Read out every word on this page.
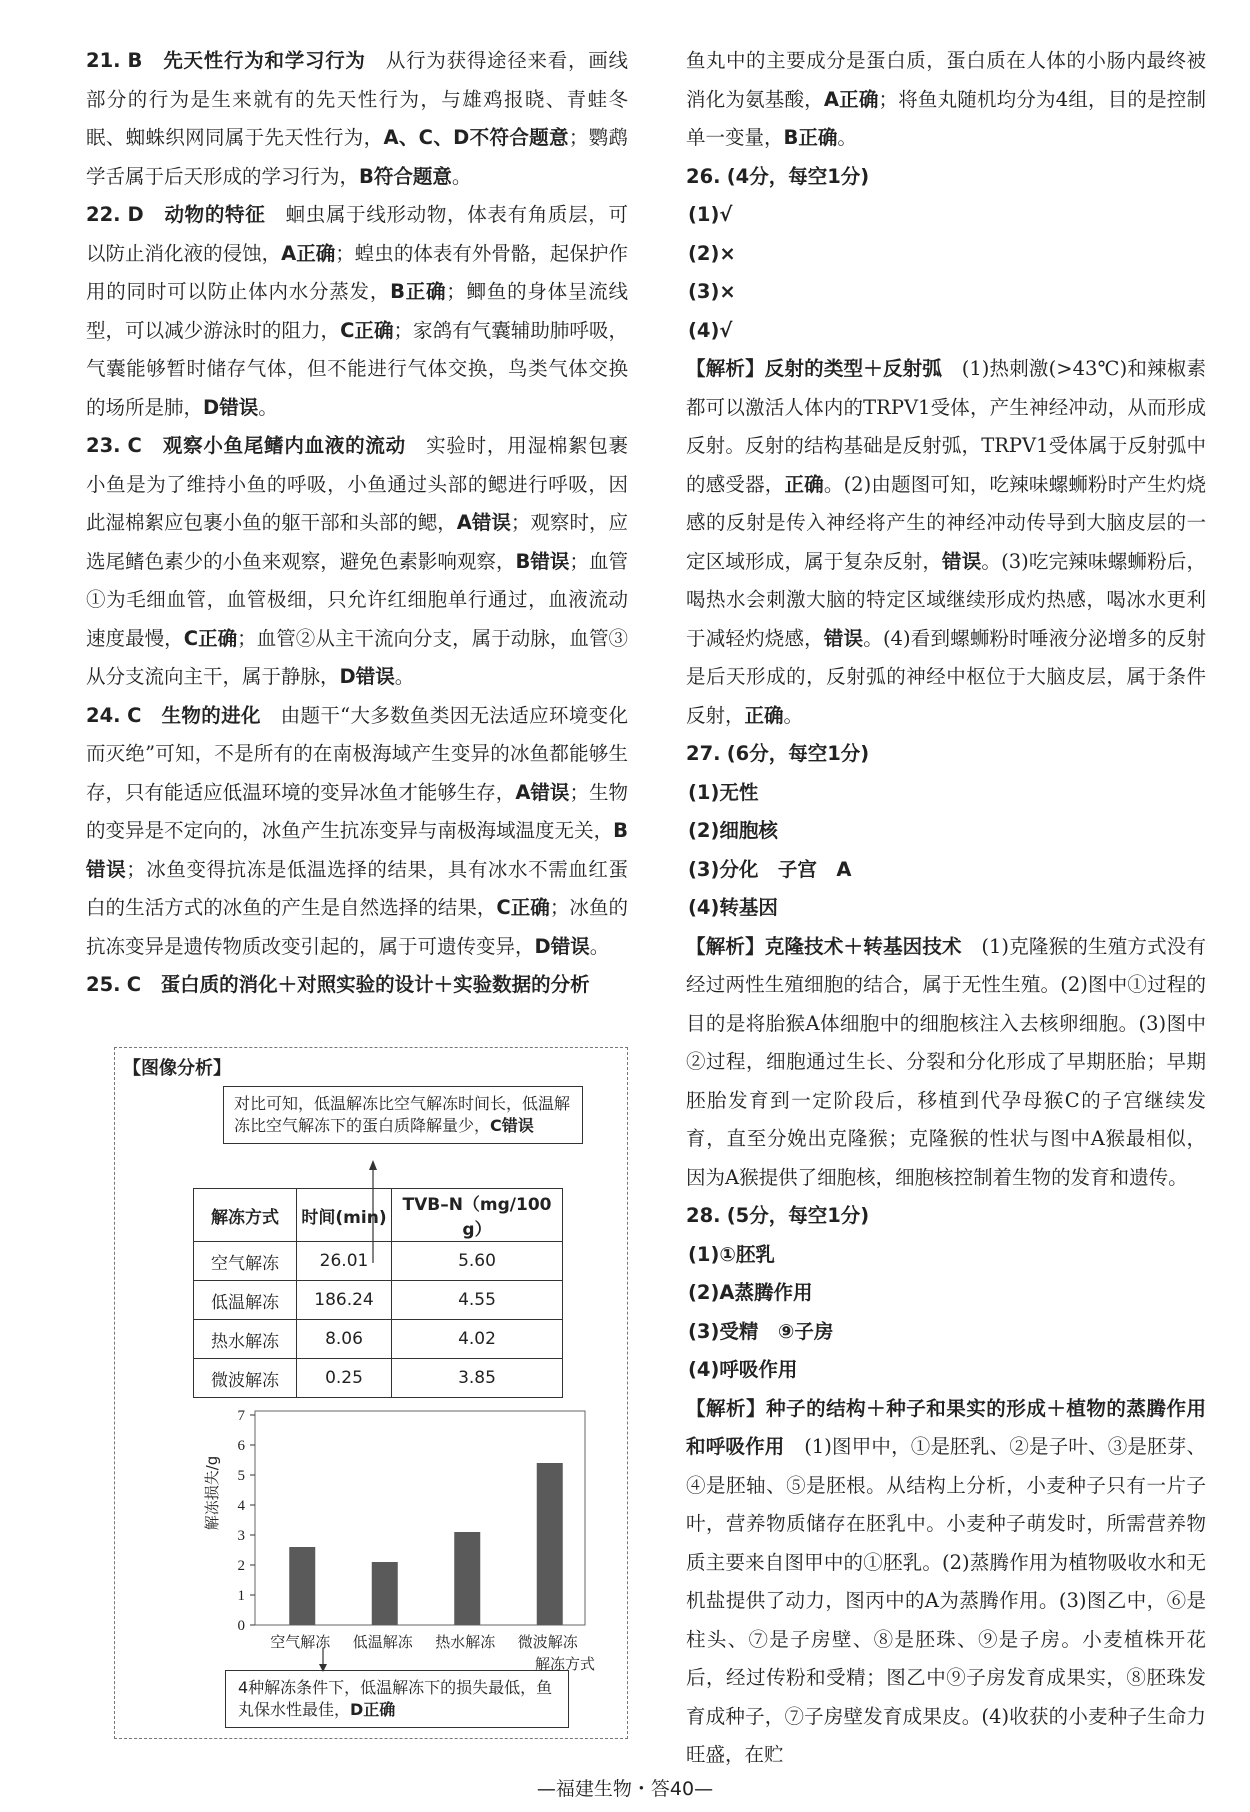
21. B　 先天性行为和学习行为　 从行为获得途径来看，画线部分的行为是生来就有的先天性行为，与雄鸡报晓、青蛙冬眠、蜘蛛织网同属于先天性行为，A、C、D不符合题意；鹦鹉学舌属于后天形成的学习行为，B符合题意。

22. D　 动物的特征　 蛔虫属于线形动物，体表有角质层，可以防止消化液的侵蚀，A正确；蝗虫的体表有外骨骼，起保护作用的同时可以防止体内水分蒸发，B正确；鲫鱼的身体呈流线型，可以减少游泳时的阻力，C正确；家鸽有气囊辅助肺呼吸，气囊能够暂时储存气体，但不能进行气体交换，鸟类气体交换的场所是肺，D错误。

23. C　 观察小鱼尾鳍内血液的流动　 实验时，用湿棉絮包裹小鱼是为了维持小鱼的呼吸，小鱼通过头部的鳃进行呼吸，因此湿棉絮应包裹小鱼的躯干部和头部的鳃，A错误；观察时，应选尾鳍色素少的小鱼来观察，避免色素影响观察，B错误；血管①为毛细血管，血管极细，只允许红细胞单行通过，血液流动速度最慢，C正确；血管②从主干流向分支，属于动脉，血管③从分支流向主干，属于静脉，D错误。

24. C　 生物的进化　 由题干“大多数鱼类因无法适应环境变化而灭绝”可知，不是所有的在南极海域产生变异的冰鱼都能够生存，只有能适应低温环境的变异冰鱼才能够生存，A错误；生物的变异是不定向的，冰鱼产生抗冻变异与南极海域温度无关，B错误；冰鱼变得抗冻是低温选择的结果，具有冰水不需血红蛋白的生活方式的冰鱼的产生是自然选择的结果，C正确；冰鱼的抗冻变异是遗传物质改变引起的，属于可遗传变异，D错误。

25. C　 蛋白质的消化＋对照实验的设计＋实验数据的分析

【图像分析】
对比可知，低温解冻比空气解冻时间长，低温解冻比空气解冻下的蛋白质降解量少，C错误
解冻方式	时间(min)	TVB–N（mg/100 g）
空气解冻	26.01	5.60
低温解冻	186.24	4.55
热水解冻	8.06	4.02
微波解冻	0.25	3.85
0
1
2
3
4
5
6
7
解冻损失/g
空气解冻 低温解冻 热水解冻 微波解冻
解冻方式
4种解冻条件下，低温解冻下的损失最低，鱼丸保水性最佳，D正确

鱼丸中的主要成分是蛋白质，蛋白质在人体的小肠内最终被消化为氨基酸，A正确；将鱼丸随机均分为4组，目的是控制单一变量，B正确。

26. (4分，每空1分)

(1)√

(2)×

(3)×

(4)√

【解析】反射的类型＋反射弧　 (1)热刺激(>43℃)和辣椒素都可以激活人体内的TRPV1受体，产生神经冲动，从而形成反射。反射的结构基础是反射弧，TRPV1受体属于反射弧中的感受器，正确。(2)由题图可知，吃辣味螺蛳粉时产生灼烧感的反射是传入神经将产生的神经冲动传导到大脑皮层的一定区域形成，属于复杂反射，错误。(3)吃完辣味螺蛳粉后，喝热水会刺激大脑的特定区域继续形成灼热感，喝冰水更利于减轻灼烧感，错误。(4)看到螺蛳粉时唾液分泌增多的反射是后天形成的，反射弧的神经中枢位于大脑皮层，属于条件反射，正确。

27. (6分，每空1分)

(1)无性

(2)细胞核

(3)分化　子宫　A

(4)转基因

【解析】克隆技术＋转基因技术　 (1)克隆猴的生殖方式没有经过两性生殖细胞的结合，属于无性生殖。(2)图中①过程的目的是将胎猴A体细胞中的细胞核注入去核卵细胞。(3)图中②过程，细胞通过生长、分裂和分化形成了早期胚胎；早期胚胎发育到一定阶段后，移植到代孕母猴C的子宫继续发育，直至分娩出克隆猴；克隆猴的性状与图中A猴最相似，因为A猴提供了细胞核，细胞核控制着生物的发育和遗传。

28. (5分，每空1分)

(1)①胚乳

(2)A蒸腾作用

(3)受精　⑨子房

(4)呼吸作用

【解析】种子的结构＋种子和果实的形成＋植物的蒸腾作用和呼吸作用　 (1)图甲中，①是胚乳、②是子叶、③是胚芽、④是胚轴、⑤是胚根。从结构上分析，小麦种子只有一片子叶，营养物质储存在胚乳中。小麦种子萌发时，所需营养物质主要来自图甲中的①胚乳。(2)蒸腾作用为植物吸收水和无机盐提供了动力，图丙中的A为蒸腾作用。(3)图乙中，⑥是柱头、⑦是子房壁、⑧是胚珠、⑨是子房。小麦植株开花后，经过传粉和受精；图乙中⑨子房发育成果实，⑧胚珠发育成种子，⑦子房壁发育成果皮。(4)收获的小麦种子生命力旺盛，在贮

—福建生物・答40—
